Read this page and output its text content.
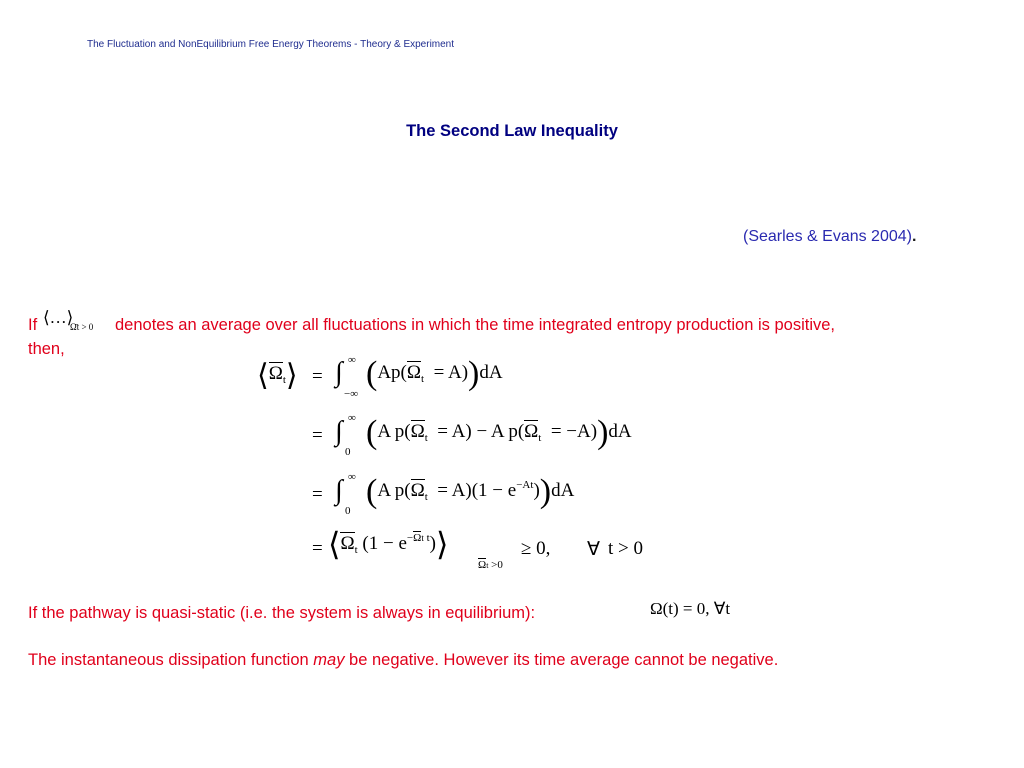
The Fluctuation and NonEquilibrium Free Energy Theorems - Theory & Experiment
The Second Law Inequality
(Searles & Evans 2004).
If ⟨…⟩
Ω̄t > 0 denotes an average over all fluctuations in which the time integrated entropy production is positive,
then,
$⟨\Omega_t⟩$ = ∫ ∞
−∞
$(Ap(\Omega_t = A))dA$
= ∫ ∞
0
(A $p(\Omega_t = A) - A$ $p(\Omega_t = -A))dA$
= ∫ ∞
0
(A $p(\Omega_t = A)(1 - e^{-At}))dA$
= $⟨\Omega_t$ $(1 - e^{-\Omega t t})⟩$
Ωt >0
≥ 0, ∀ t > 0
If the pathway is quasi-static (i.e. the system is always in equilibrium):	Ω(t) = 0, ∀t
The instantaneous dissipation function may be negative. However its time average cannot be negative.
